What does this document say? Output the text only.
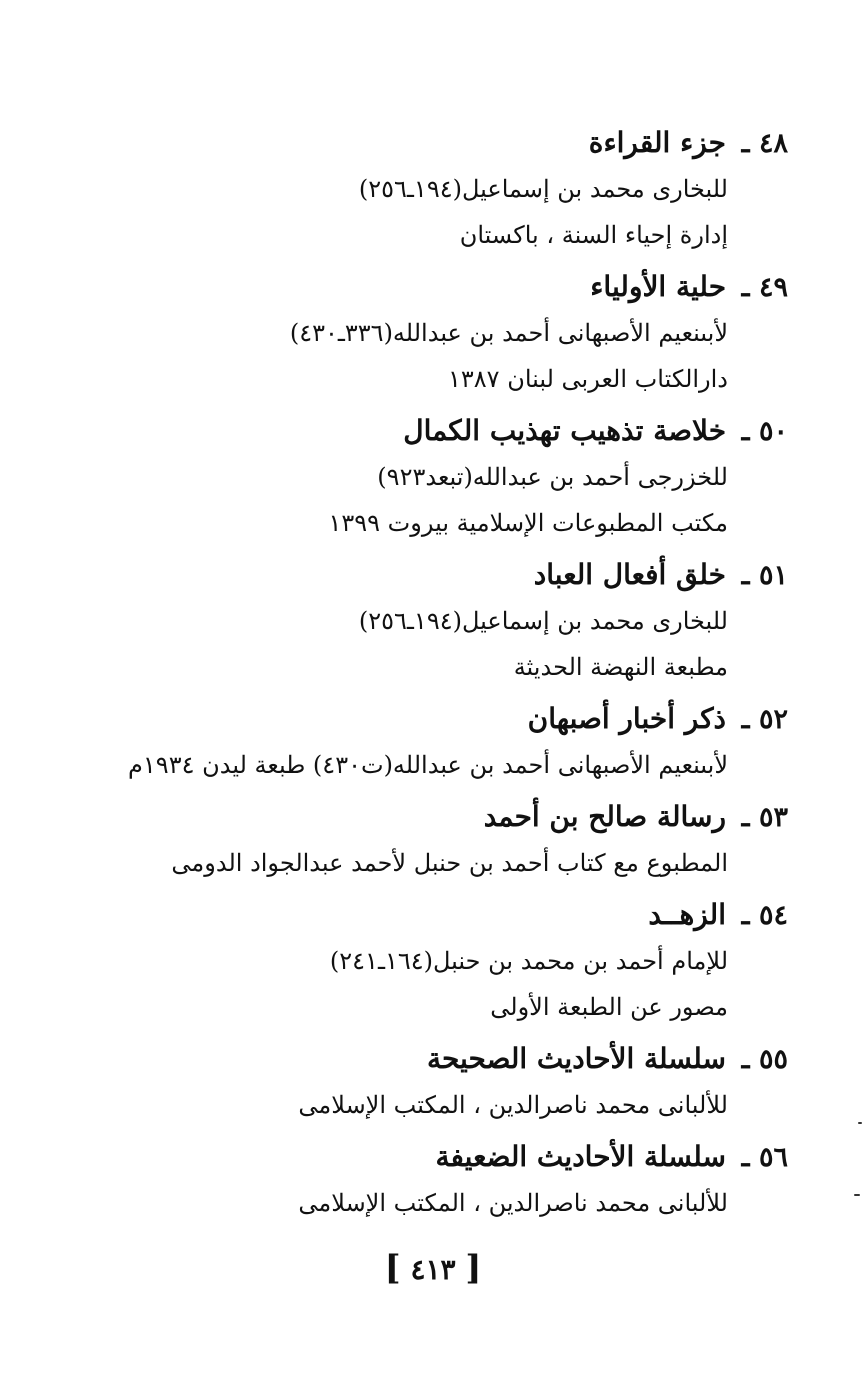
٤٨ ـ
جزء القراءة
للبخارى محمد بن إسماعيل(١٩٤ـ٢٥٦)
إدارة إحياء السنة ، باكستان
٤٩ ـ
حلية الأولياء
لأبىنعيم الأصبهانى أحمد بن عبدالله(٣٣٦ـ٤٣٠)
دارالكتاب العربى لبنان ١٣٨٧
٥٠ ـ
خلاصة تذهيب تهذيب الكمال
للخزرجى أحمد بن عبدالله(تبعد٩٢٣)
مكتب المطبوعات الإسلامية بيروت ١٣٩٩
٥١ ـ
خلق أفعال العباد
للبخارى محمد بن إسماعيل(١٩٤ـ٢٥٦)
مطبعة النهضة الحديثة
٥٢ ـ
ذكر أخبار أصبهان
لأبىنعيم الأصبهانى أحمد بن عبدالله(ت٤٣٠) طبعة ليدن ١٩٣٤م
٥٣ ـ
رسالة صالح بن أحمد
المطبوع مع كتاب أحمد بن حنبل لأحمد عبدالجواد الدومى
٥٤ ـ
الزهــد
للإمام أحمد بن محمد بن حنبل(١٦٤ـ٢٤١)
مصور عن الطبعة الأولى
٥٥ ـ
سلسلة الأحاديث الصحيحة
للألبانى محمد ناصرالدين ، المكتب الإسلامى
٥٦ ـ
سلسلة الأحاديث الضعيفة
للألبانى محمد ناصرالدين ، المكتب الإسلامى
[ ٤١٣ ]
